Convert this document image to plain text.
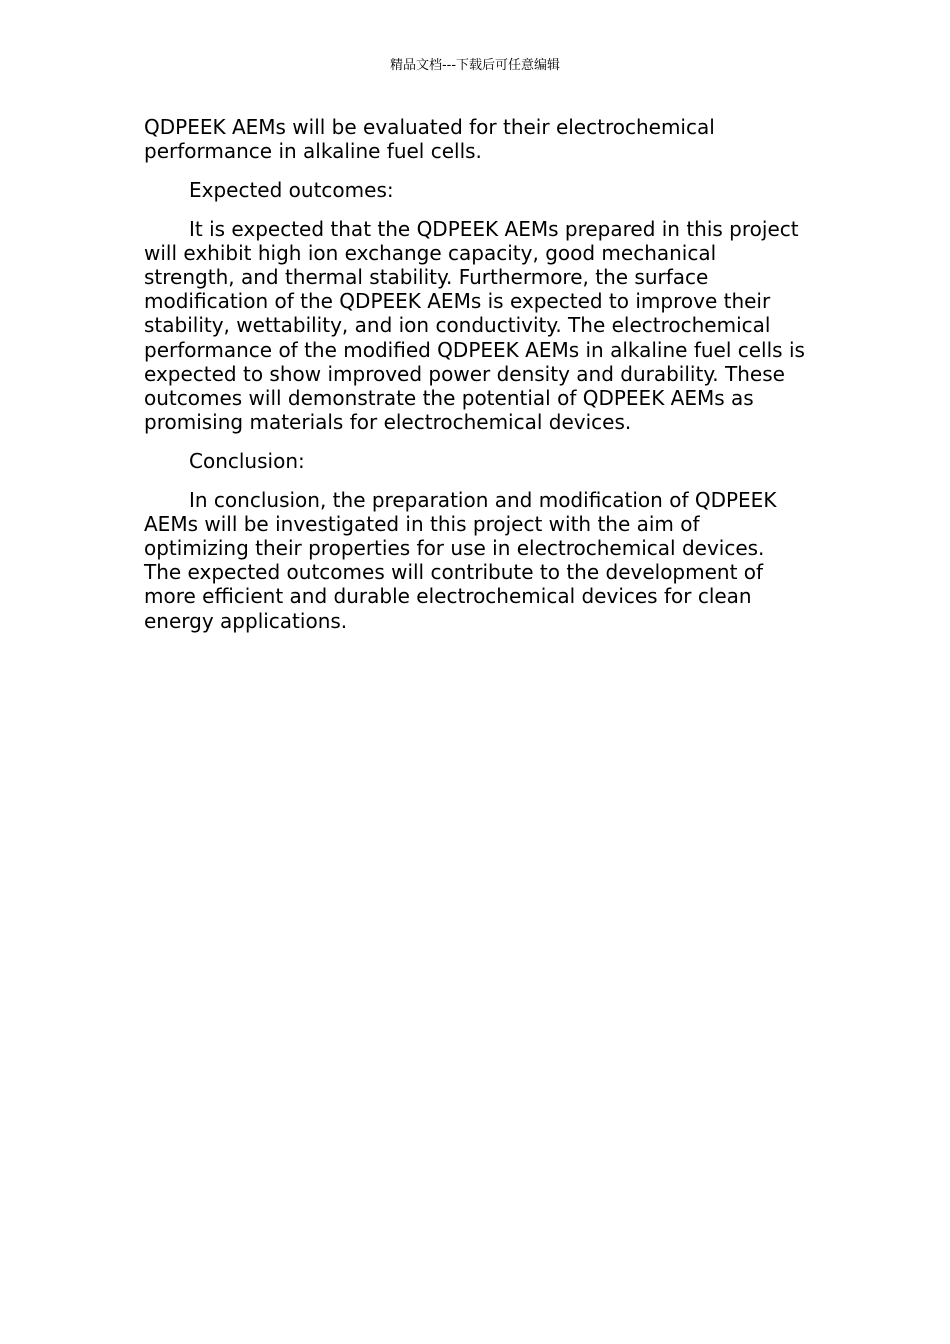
精品文档---下载后可任意编辑

QDPEEK AEMs will be evaluated for their electrochemical performance in alkaline fuel cells.

Expected outcomes:

It is expected that the QDPEEK AEMs prepared in this project will exhibit high ion exchange capacity, good mechanical strength, and thermal stability. Furthermore, the surface modification of the QDPEEK AEMs is expected to improve their stability, wettability, and ion conductivity. The electrochemical performance of the modified QDPEEK AEMs in alkaline fuel cells is expected to show improved power density and durability. These outcomes will demonstrate the potential of QDPEEK AEMs as promising materials for electrochemical devices.

Conclusion:

In conclusion, the preparation and modification of QDPEEK AEMs will be investigated in this project with the aim of optimizing their properties for use in electrochemical devices. The expected outcomes will contribute to the development of more efficient and durable electrochemical devices for clean energy applications.
